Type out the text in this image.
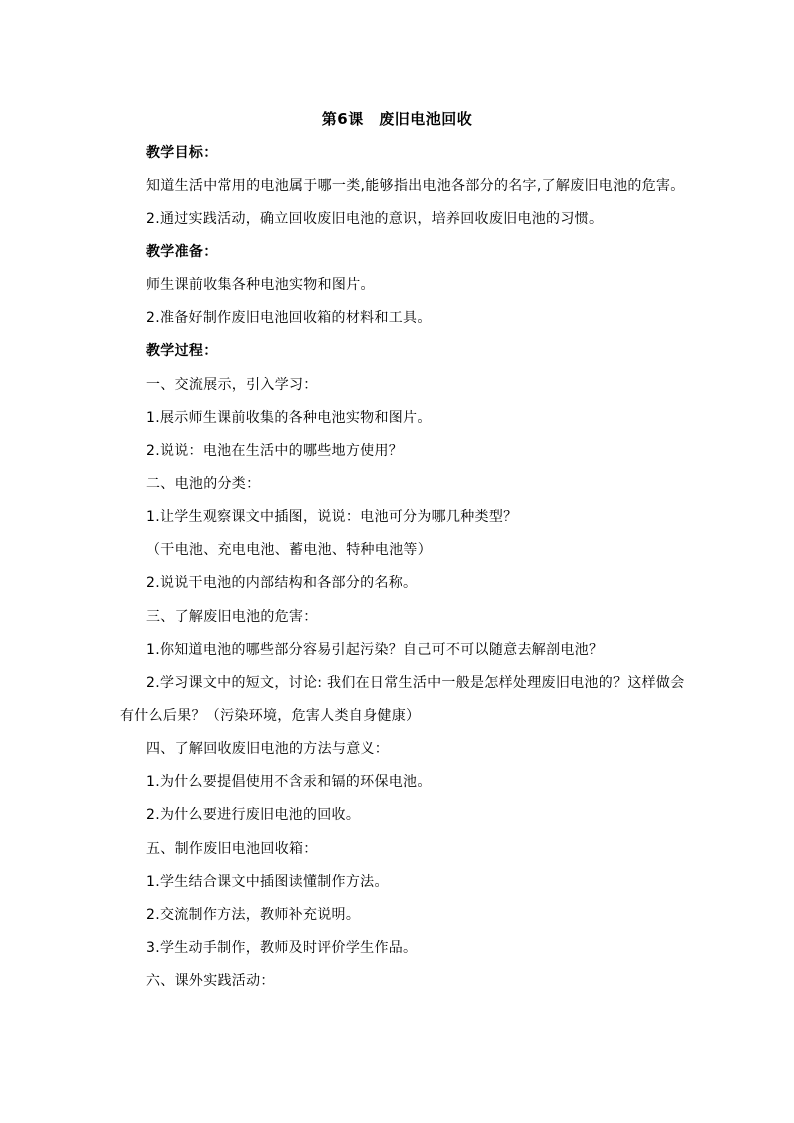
第6课　废旧电池回收
教学目标：
知道生活中常用的电池属于哪一类,能够指出电池各部分的名字,了解废旧电池的危害。
2.通过实践活动，确立回收废旧电池的意识，培养回收废旧电池的习惯。
教学准备：
师生课前收集各种电池实物和图片。
2.准备好制作废旧电池回收箱的材料和工具。
教学过程：
一、交流展示，引入学习：
1.展示师生课前收集的各种电池实物和图片。
2.说说：电池在生活中的哪些地方使用？
二、电池的分类：
1.让学生观察课文中插图，说说：电池可分为哪几种类型？
（干电池、充电电池、蓄电池、特种电池等）
2.说说干电池的内部结构和各部分的名称。
三、了解废旧电池的危害：
1.你知道电池的哪些部分容易引起污染？自己可不可以随意去解剖电池？
2.学习课文中的短文，讨论: 我们在日常生活中一般是怎样处理废旧电池的？这样做会
有什么后果？（污染环境，危害人类自身健康）
四、了解回收废旧电池的方法与意义：
1.为什么要提倡使用不含汞和镉的环保电池。
2.为什么要进行废旧电池的回收。
五、制作废旧电池回收箱：
1.学生结合课文中插图读懂制作方法。
2.交流制作方法，教师补充说明。
3.学生动手制作，教师及时评价学生作品。
六、课外实践活动：
